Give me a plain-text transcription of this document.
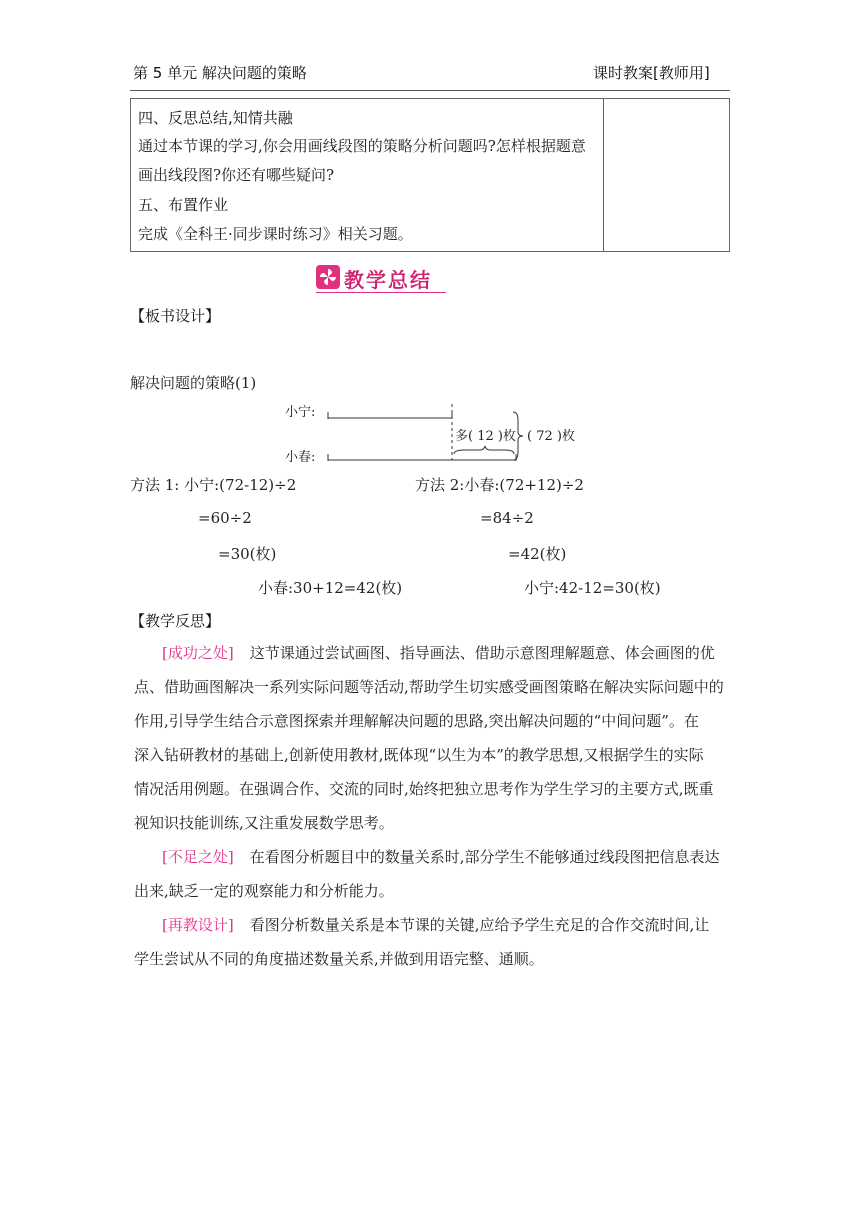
第 5 单元 解决问题的策略	课时教案[教师用]
四、反思总结,知情共融
通过本节课的学习,你会用画线段图的策略分析问题吗?怎样根据题意
画出线段图?你还有哪些疑问?
五、布置作业
完成《全科王·同步课时练习》相关习题。
教学总结
【板书设计】
解决问题的策略(1)
小宁:
小春:
多( 12 )枚 ( 72 )枚
方法 1: 小宁:(72-12)÷2
=60÷2
=30(枚)
小春:30+12=42(枚)
方法 2:小春:(72+12)÷2
=84÷2
=42(枚)
小宁:42-12=30(枚)
【教学反思】
[成功之处] 这节课通过尝试画图、指导画法、借助示意图理解题意、体会画图的优
点、借助画图解决一系列实际问题等活动,帮助学生切实感受画图策略在解决实际问题中的
作用,引导学生结合示意图探索并理解解决问题的思路,突出解决问题的“中间问题”。在
深入钻研教材的基础上,创新使用教材,既体现“以生为本”的教学思想,又根据学生的实际
情况活用例题。在强调合作、交流的同时,始终把独立思考作为学生学习的主要方式,既重
视知识技能训练,又注重发展数学思考。
[不足之处] 在看图分析题目中的数量关系时,部分学生不能够通过线段图把信息表达
出来,缺乏一定的观察能力和分析能力。
[再教设计] 看图分析数量关系是本节课的关键,应给予学生充足的合作交流时间,让
学生尝试从不同的角度描述数量关系,并做到用语完整、通顺。
